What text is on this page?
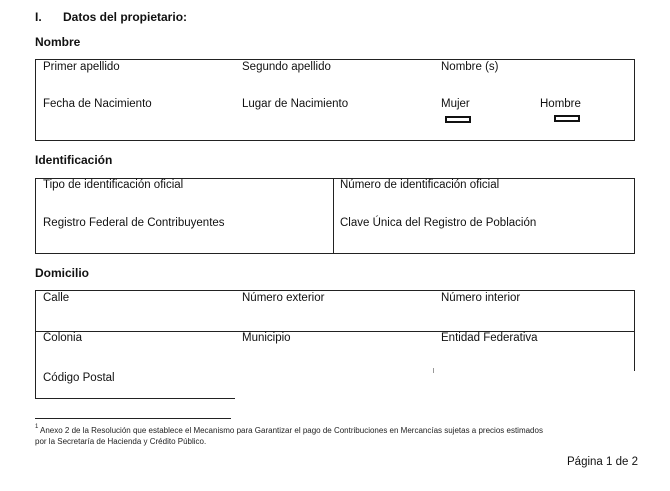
I. Datos del propietario:
Nombre
Primer apellido	Segundo apellido	Nombre (s)
Fecha de Nacimiento	Lugar de Nacimiento	Mujer	Hombre
Identificación
Tipo de identificación oficial	Número de identificación oficial
Registro Federal de Contribuyentes	Clave Única del Registro de Población
Domicilio
Calle	Número exterior	Número interior
Colonia	Municipio	Entidad Federativa
Código Postal
1 Anexo 2 de la Resolución que establece el Mecanismo para Garantizar el pago de Contribuciones en Mercancías sujetas a precios estimados
por la Secretaría de Hacienda y Crédito Público.
Página 1 de 2
